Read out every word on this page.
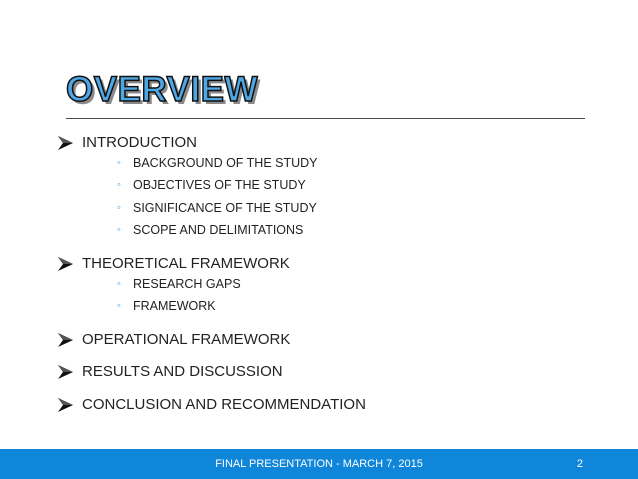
OVERVIEW
INTRODUCTION
◦ BACKGROUND OF THE STUDY
◦ OBJECTIVES OF THE STUDY
◦ SIGNIFICANCE OF THE STUDY
◦ SCOPE AND DELIMITATIONS
THEORETICAL FRAMEWORK
◦ RESEARCH GAPS
◦ FRAMEWORK
OPERATIONAL FRAMEWORK
RESULTS AND DISCUSSION
CONCLUSION AND RECOMMENDATION
FINAL PRESENTATION - MARCH 7, 2015	2
